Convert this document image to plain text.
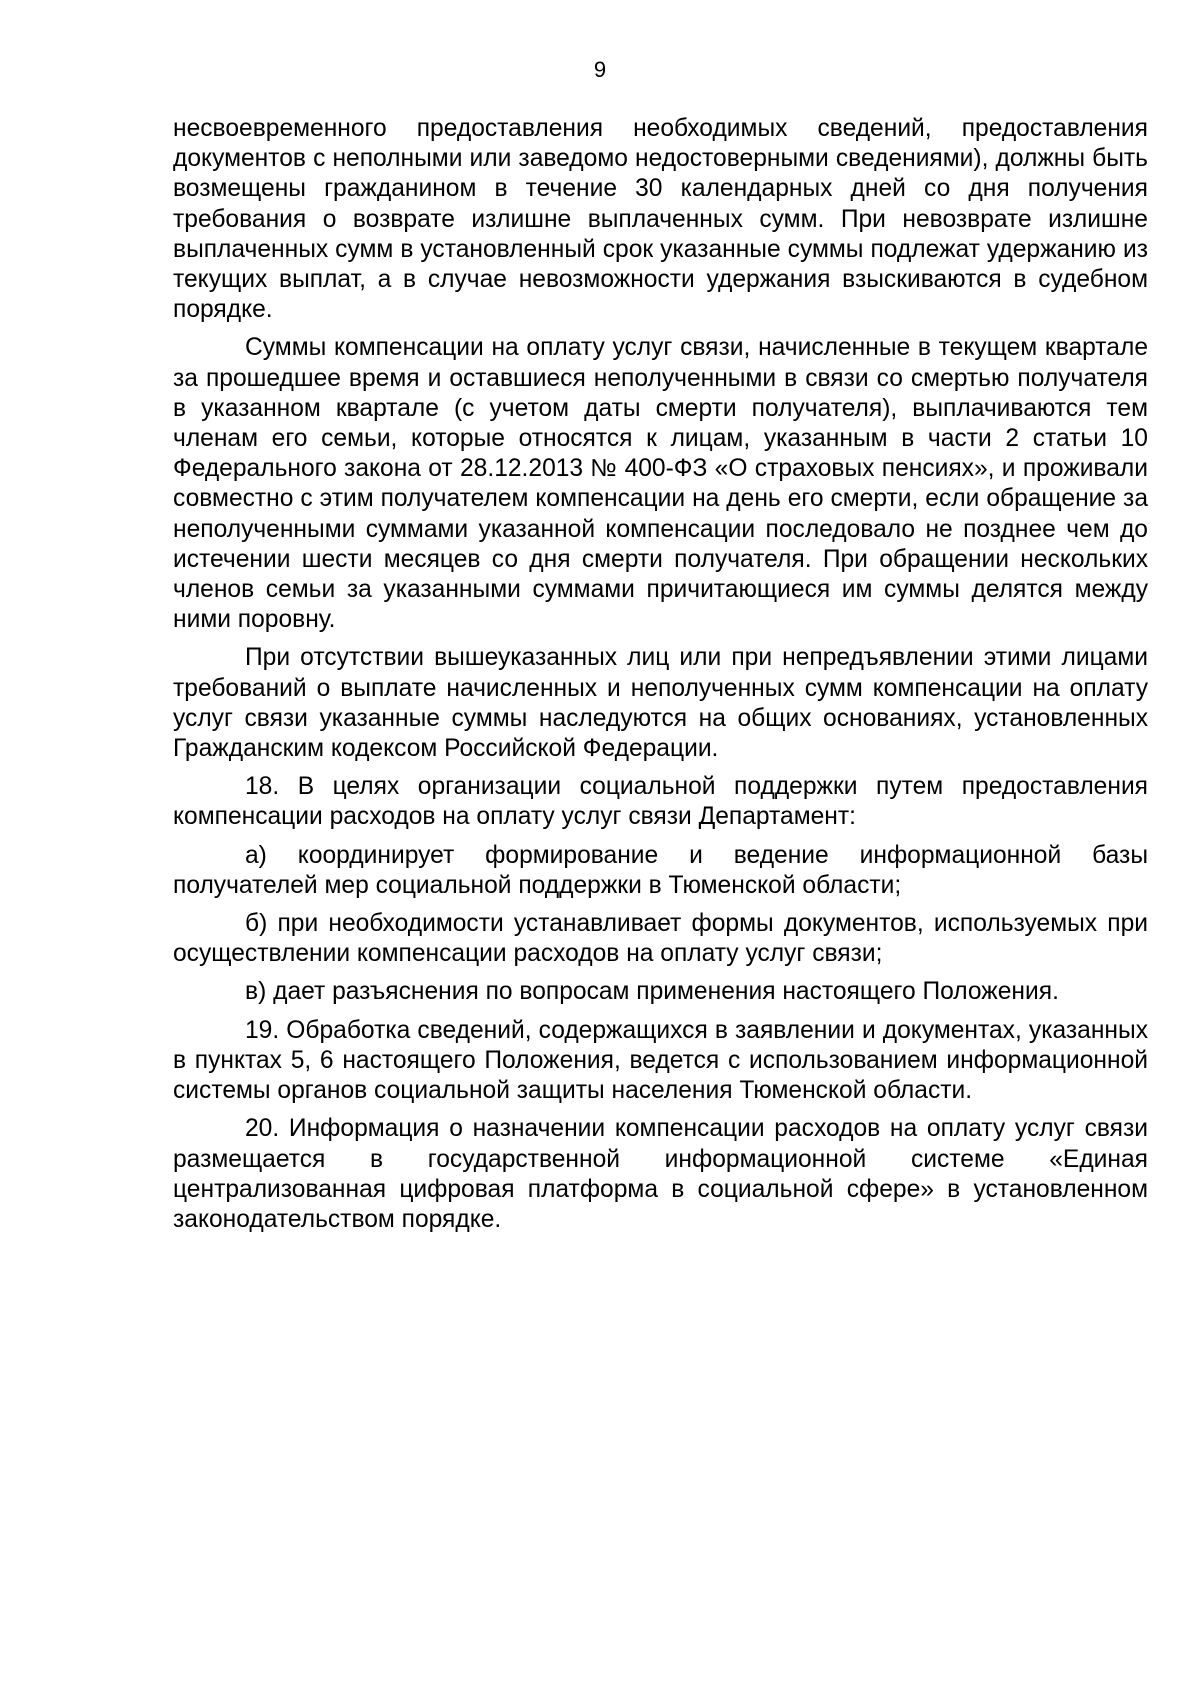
9

несвоевременного предоставления необходимых сведений, предоставления документов с неполными или заведомо недостоверными сведениями), должны быть возмещены гражданином в течение 30 календарных дней со дня получения требования о возврате излишне выплаченных сумм. При невозврате излишне выплаченных сумм в установленный срок указанные суммы подлежат удержанию из текущих выплат, а в случае невозможности удержания взыскиваются в судебном порядке.

Суммы компенсации на оплату услуг связи, начисленные в текущем квартале за прошедшее время и оставшиеся неполученными в связи со смертью получателя в указанном квартале (с учетом даты смерти получателя), выплачиваются тем членам его семьи, которые относятся к лицам, указанным в части 2 статьи 10 Федерального закона от 28.12.2013 № 400-ФЗ «О страховых пенсиях», и проживали совместно с этим получателем компенсации на день его смерти, если обращение за неполученными суммами указанной компенсации последовало не позднее чем до истечении шести месяцев со дня смерти получателя. При обращении нескольких членов семьи за указанными суммами причитающиеся им суммы делятся между ними поровну.

При отсутствии вышеуказанных лиц или при непредъявлении этими лицами требований о выплате начисленных и неполученных сумм компенсации на оплату услуг связи указанные суммы наследуются на общих основаниях, установленных Гражданским кодексом Российской Федерации.

18. В целях организации социальной поддержки путем предоставления компенсации расходов на оплату услуг связи Департамент:

а) координирует формирование и ведение информационной базы получателей мер социальной поддержки в Тюменской области;

б) при необходимости устанавливает формы документов, используемых при осуществлении компенсации расходов на оплату услуг связи;

в) дает разъяснения по вопросам применения настоящего Положения.

19. Обработка сведений, содержащихся в заявлении и документах, указанных в пунктах 5, 6 настоящего Положения, ведется с использованием информационной системы органов социальной защиты населения Тюменской области.

20. Информация о назначении компенсации расходов на оплату услуг связи размещается в государственной информационной системе «Единая централизованная цифровая платформа в социальной сфере» в установленном законодательством порядке.
